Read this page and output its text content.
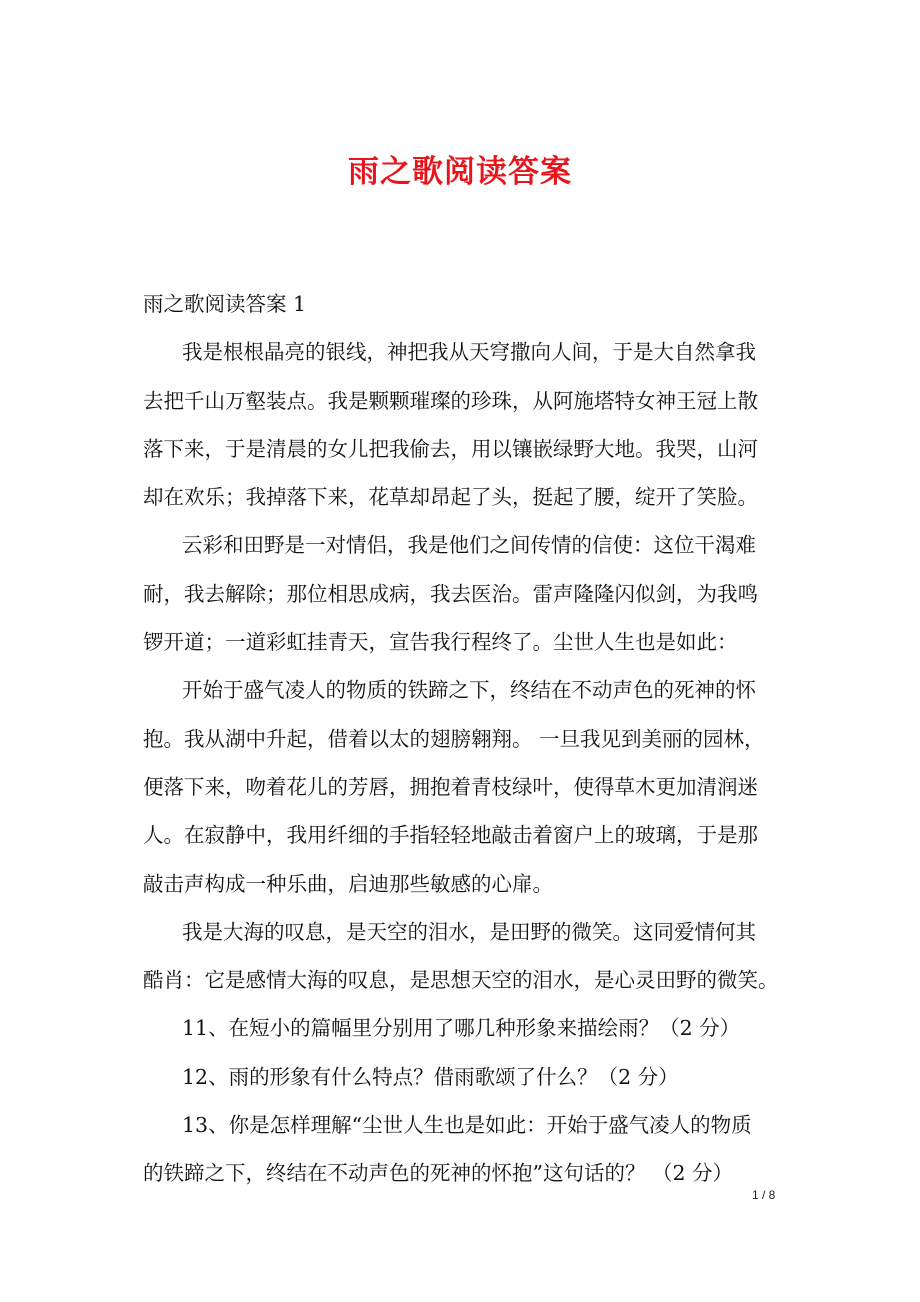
雨之歌阅读答案
雨之歌阅读答案 1
我是根根晶亮的银线，神把我从天穹撒向人间，于是大自然拿我
去把千山万壑装点。我是颗颗璀璨的珍珠，从阿施塔特女神王冠上散
落下来，于是清晨的女儿把我偷去，用以镶嵌绿野大地。我哭，山河
却在欢乐；我掉落下来，花草却昂起了头，挺起了腰，绽开了笑脸。
云彩和田野是一对情侣，我是他们之间传情的信使：这位干渴难
耐，我去解除；那位相思成病，我去医治。雷声隆隆闪似剑，为我鸣
锣开道；一道彩虹挂青天，宣告我行程终了。尘世人生也是如此：
开始于盛气凌人的物质的铁蹄之下，终结在不动声色的死神的怀
抱。我从湖中升起，借着以太的翅膀翱翔。 一旦我见到美丽的园林，
便落下来，吻着花儿的芳唇，拥抱着青枝绿叶，使得草木更加清润迷
人。在寂静中，我用纤细的手指轻轻地敲击着窗户上的玻璃，于是那
敲击声构成一种乐曲，启迪那些敏感的心扉。
我是大海的叹息，是天空的泪水，是田野的微笑。这同爱情何其
酷肖：它是感情大海的叹息，是思想天空的泪水，是心灵田野的微笑。
11、在短小的篇幅里分别用了哪几种形象来描绘雨？（2 分）
12、雨的形象有什么特点？借雨歌颂了什么？（2 分）
13、你是怎样理解“尘世人生也是如此：开始于盛气凌人的物质
的铁蹄之下，终结在不动声色的死神的怀抱”这句话的？ （2 分）
1 / 8
